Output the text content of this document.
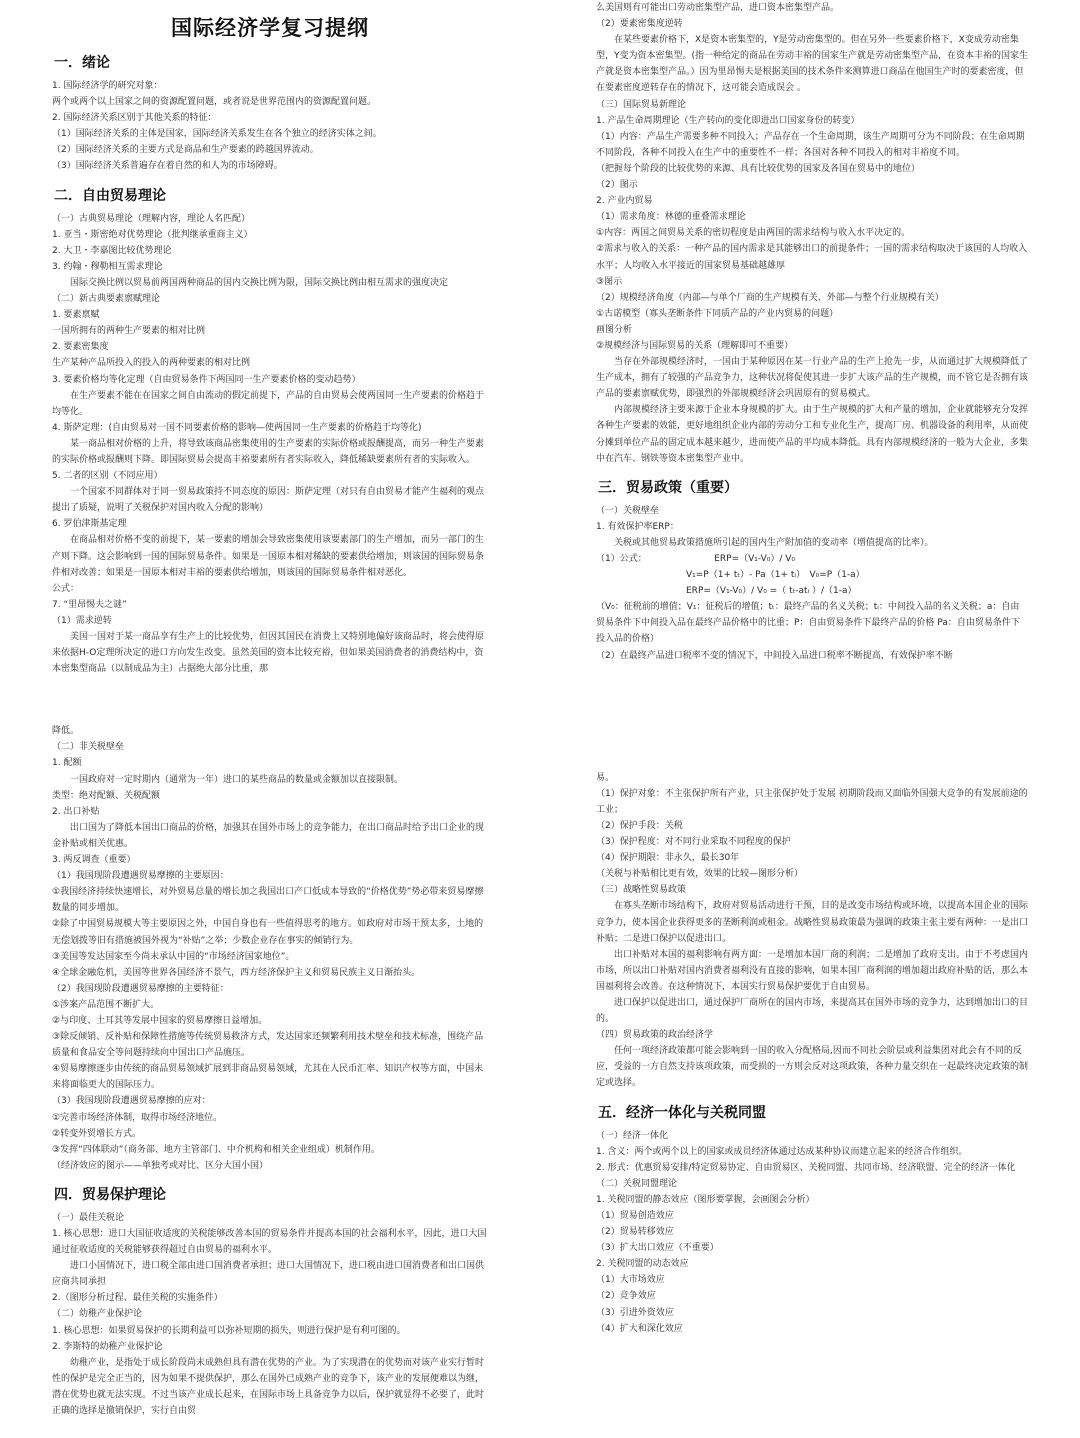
国际经济学复习提纲
一．绪论

1. 国际经济学的研究对象：

两个或两个以上国家之间的资源配置问题，或者说是世界范围内的资源配置问题。

2. 国际经济关系区别于其他关系的特征：

（1）国际经济关系的主体是国家，国际经济关系发生在各个独立的经济实体之间。

（2）国际经济关系的主要方式是商品和生产要素的跨越国界流动。

（3）国际经济关系普遍存在着自然的和人为的市场障碍。

二．自由贸易理论

（一）古典贸易理论（理解内容，理论人名匹配）

1. 亚当・斯密绝对优势理论（批判继承重商主义）

2. 大卫・李嘉图比较优势理论

3. 约翰・穆勒相互需求理论

　　国际交换比例以贸易前两国两种商品的国内交换比例为限，国际交换比例由相互需求的强度决定

（二）新古典要素禀赋理论

1. 要素禀赋

一国所拥有的两种生产要素的相对比例

2. 要素密集度

生产某种产品所投入的投入的两种要素的相对比例

3. 要素价格均等化定理（自由贸易条件下两国同一生产要素价格的变动趋势）

　　在生产要素不能在在国家之间自由流动的假定前提下，产品的自由贸易会使两国同一生产要素的价格趋于均等化。

4. 斯萨定理：(自由贸易对一国不同要素价格的影响—使两国同一生产要素的价格趋于均等化)

　　某一商品相对价格的上升，将导致该商品密集使用的生产要素的实际价格或报酬提高，而另一种生产要素的实际价格或报酬则下降。即国际贸易会提高丰裕要素所有者实际收入，降低稀缺要素所有者的实际收入。

5. 二者的区别（不同应用）

　　一个国家不同群体对于同一贸易政策持不同态度的原因：斯萨定理（对只有自由贸易才能产生福利的观点提出了质疑，说明了关税保护对国内收入分配的影响）

6. 罗伯津斯基定理

　　在商品相对价格不变的前提下，某一要素的增加会导致密集使用该要素部门的生产增加，而另一部门的生产则下降。这会影响到一国的国际贸易条件。如果是一国原本相对稀缺的要素供给增加，则该国的国际贸易条件相对改善；如果是一国原本相对丰裕的要素供给增加，则该国的国际贸易条件相对恶化。

公式：

7. “里昂惕夫之谜”

（1）需求逆转

　　美国一国对于某一商品享有生产上的比较优势，但因其国民在消费上又特别地偏好该商品时，将会使得原来依据H-O定理所决定的进口方向发生改变。虽然美国的资本比较充裕，但如果美国消费者的消费结构中，资本密集型商品（以制成品为主）占据绝大部分比重，那

降低。

（二）非关税壁垒

1. 配额

　　一国政府对一定时期内（通常为一年）进口的某些商品的数量或金额加以直接限制。

类型：绝对配额、关税配额

2. 出口补贴

　　出口国为了降低本国出口商品的价格，加强其在国外市场上的竞争能力，在出口商品时给予出口企业的现金补贴或相关优惠。

3. 两反调查（重要）

（1）我国现阶段遭遇贸易摩擦的主要原因：

①我国经济持续快速增长，对外贸易总量的增长加之我国出口产口低成本导致的“价格优势”势必带来贸易摩擦数量的同步增加。

②除了中国贸易规模大等主要原因之外，中国自身也有一些值得思考的地方。如政府对市场干预太多，土地的无偿划拨等旧有措施被国外视为“补贴”之举；少数企业存在事实的倾销行为。

③美国等发达国家至今尚未承认中国的“市场经济国家地位”。

④全球金融危机，美国等世界各国经济不景气，西方经济保护主义和贸易民族主义日渐抬头。

（2）我国现阶段遭遇贸易摩擦的主要特征：

①涉案产品范围不断扩大。

②与印度、土耳其等发展中国家的贸易摩擦日益增加。

③除反倾销、反补贴和保障性措施等传统贸易救济方式，发达国家还频繁利用技术壁垒和技术标准，围绕产品质量和食品安全等问题持续向中国出口产品施压。

④贸易摩擦逐步由传统的商品贸易领域扩展到非商品贸易领域，尤其在人民币汇率、知识产权等方面，中国未来将面临更大的国际压力。

（3）我国现阶段遭遇贸易摩擦的应对：

①完善市场经济体制，取得市场经济地位。

②转变外贸增长方式。

③发挥“四体联动”（商务部、地方主管部门、中介机构和相关企业组成）机制作用。

（经济效应的图示——单独考或对比、区分大国小国）

四．贸易保护理论

（一）最佳关税论

1. 核心思想：进口大国征收适度的关税能够改善本国的贸易条件并提高本国的社会福利水平，因此，进口大国通过征收适度的关税能够获得超过自由贸易的福利水平。

　　进口小国情况下，进口税全部由进口国消费者承担；进口大国情况下，进口税由进口国消费者和出口国供应商共同承担

2.（图形分析过程、最佳关税的实施条件）

（二）幼稚产业保护论

1. 核心思想：如果贸易保护的长期利益可以弥补短期的损失，则进行保护是有利可图的。

2. 李斯特的幼稚产业保护论

　　幼稚产业，是指处于成长阶段尚未成熟但具有潜在优势的产业。为了实现潜在的优势而对该产业实行暂时性的保护是完全正当的，因为如果不提供保护，那么在国外已成熟产业的竞争下，该产业的发展便难以为继，潜在优势也就无法实现。不过当该产业成长起来，在国际市场上具备竞争力以后，保护就显得不必要了，此时正确的选择是撤销保护，实行自由贸

么美国则有可能出口劳动密集型产品，进口资本密集型产品。

（2）要素密集度逆转

　　在某些要素价格下，X是资本密集型的，Y是劳动密集型的。但在另外一些要素价格下，X变成劳动密集型，Y变为资本密集型。(指一种给定的商品在劳动丰裕的国家生产就是劳动密集型产品，在资本丰裕的国家生产就是资本密集型产品。）因为里昂惕夫是根据美国的技术条件来测算进口商品在他国生产时的要素密度，但在要素密度逆转存在的情况下，这可能会造成误会 。

（三）国际贸易新理论

1. 产品生命周期理论（生产转向的变化即进出口国家身份的转变）

（1）内容：产品生产需要多种不同投入；产品存在一个生命周期，该生产周期可分为不同阶段；在生命周期不同阶段，各种不同投入在生产中的重要性不一样；各国对各种不同投入的相对丰裕度不同。

（把握每个阶段的比较优势的来源、具有比较优势的国家及各国在贸易中的地位）

（2）图示

2. 产业内贸易

（1）需求角度：林德的重叠需求理论

①内容：两国之间贸易关系的密切程度是由两国的需求结构与收入水平决定的。

②需求与收入的关系：一种产品的国内需求是其能够出口的前提条件；一国的需求结构取决于该国的人均收入水平；人均收入水平接近的国家贸易基础越雄厚

③图示

（2）规模经济角度（内部—与单个厂商的生产规模有关、外部—与整个行业规模有关）

①古诺模型（寡头垄断条件下同质产品的产业内贸易的问题）

画图分析

②规模经济与国际贸易的关系（理解即可不重要）

　　当存在外部规模经济时，一国由于某种原因在某一行业产品的生产上抢先一步，从而通过扩大规模降低了生产成本，拥有了较强的产品竞争力，这种状况将促使其进一步扩大该产品的生产规模，而不管它是否拥有该产品的要素禀赋优势，即强烈的外部规模经济会巩固原有的贸易模式。

　　内部规模经济主要来源于企业本身规模的扩大。由于生产规模的扩大和产量的增加，企业就能够充分发挥各种生产要素的效能，更好地组织企业内部的劳动分工和专业化生产，提高厂房、机器设备的利用率，从而使分摊到单位产品的固定成本越来越少，进而使产品的平均成本降低。具有内部规模经济的一般为大企业，多集中在汽车、钢铁等资本密集型产业中。

三．贸易政策（重要）

（一）关税壁垒

1. 有效保护率ERP：

　　关税或其他贸易政策措施所引起的国内生产附加值的变动率（增值提高的比率）。

（1）公式：　　　　　　　　ERP=（V₁-V₀）/ V₀

　　　　　　　　　　V₁=P（1+ tₜ）- Pa（1+ tᵢ）　V₀=P（1-a）

　　　　　　　　　　ERP=（V₁-V₀）/ V₀ =（ tₜ-atᵢ ）/（1-a）

（V₀：征税前的增值；V₁：征税后的增值；tₜ：最终产品的名义关税；tᵢ：中间投入品的名义关税；a：自由贸易条件下中间投入品在最终产品价格中的比重；P：自由贸易条件下最终产品的价格 Pa：自由贸易条件下投入品的价格）

（2）在最终产品进口税率不变的情况下，中间投入品进口税率不断提高，有效保护率不断

易。

（1）保护对象：不主张保护所有产业，只主张保护处于发展 初期阶段而又面临外国强大竞争的有发展前途的工业；

（2）保护手段：关税

（3）保护程度：对不同行业采取不同程度的保护

（4）保护期限：非永久，最长30年

（关税与补贴相比更有效，效果的比较—图形分析）

（三）战略性贸易政策

　　在寡头垄断市场结构下，政府对贸易活动进行干预，目的是改变市场结构或环境，以提高本国企业的国际竞争力，使本国企业获得更多的垄断利润或租金。战略性贸易政策最为强调的政策主张主要有两种：一是出口补贴；二是进口保护以促进出口。

　　出口补贴对本国的福利影响有两方面：一是增加本国厂商的利润；二是增加了政府支出。由于不考虑国内市场，所以出口补贴对国内消费者福利没有直接的影响，如果本国厂商利润的增加超出政府补贴的话，那么本国福利将会改善。在这种情况下，本国实行贸易保护要优于自由贸易。

　　进口保护以促进出口，通过保护厂商所在的国内市场，来提高其在国外市场的竞争力，达到增加出口的目的。

（四）贸易政策的政治经济学

　　任何一项经济政策都可能会影响到一国的收入分配格局,因而不同社会阶层或利益集团对此会有不同的反应，受益的一方自然支持该项政策，而受损的一方则会反对这项政策，各种力量交织在一起最终决定政策的制定或选择。

五．经济一体化与关税同盟

（一）经济一体化

1. 含义：两个或两个以上的国家或成员经济体通过达成某种协议而建立起来的经济合作组织。

2. 形式：优惠贸易安排/特定贸易协定、自由贸易区、关税同盟、共同市场、经济联盟、完全的经济一体化

（二）关税同盟理论

1. 关税同盟的静态效应（图形要掌握，会画图会分析）

（1）贸易创造效应

（2）贸易转移效应

（3）扩大出口效应（不重要）

2. 关税同盟的动态效应

（1）大市场效应

（2）竞争效应

（3）引进外资效应

（4）扩大和深化效应
